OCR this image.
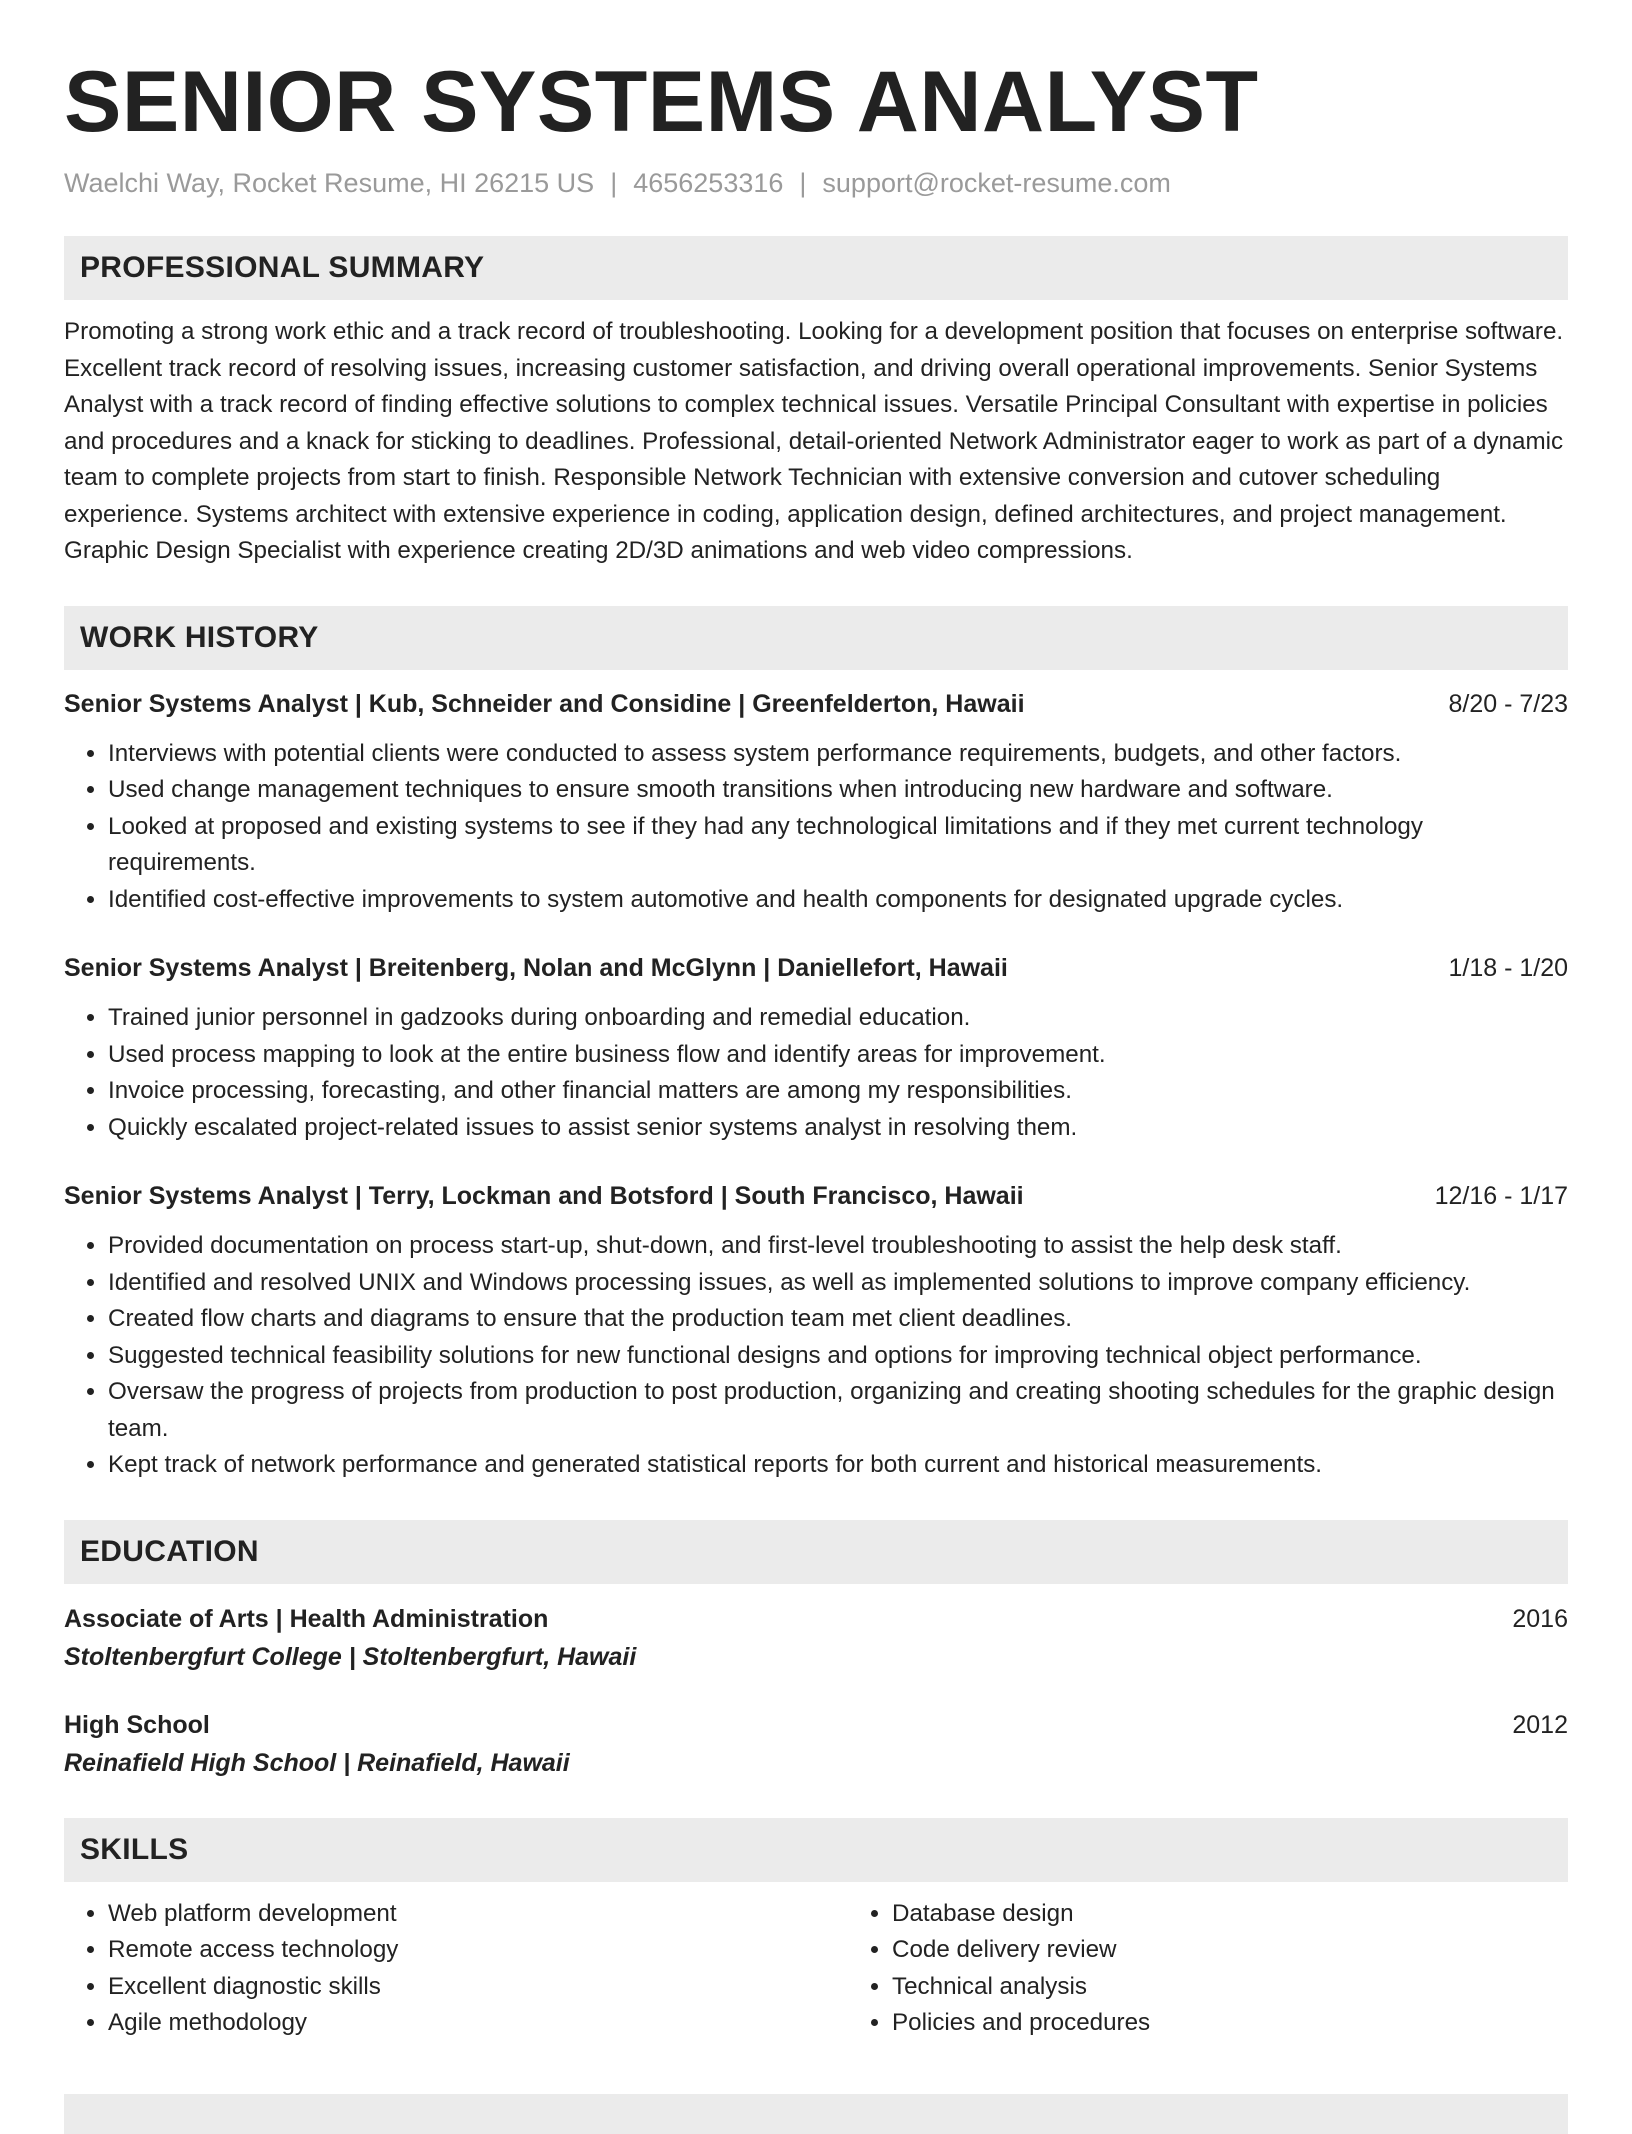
SENIOR SYSTEMS ANALYST
Waelchi Way, Rocket Resume, HI 26215 US | 4656253316 | support@rocket-resume.com
PROFESSIONAL SUMMARY
Promoting a strong work ethic and a track record of troubleshooting. Looking for a development position that focuses on enterprise software. Excellent track record of resolving issues, increasing customer satisfaction, and driving overall operational improvements. Senior Systems Analyst with a track record of finding effective solutions to complex technical issues. Versatile Principal Consultant with expertise in policies and procedures and a knack for sticking to deadlines. Professional, detail-oriented Network Administrator eager to work as part of a dynamic team to complete projects from start to finish. Responsible Network Technician with extensive conversion and cutover scheduling experience. Systems architect with extensive experience in coding, application design, defined architectures, and project management. Graphic Design Specialist with experience creating 2D/3D animations and web video compressions.
WORK HISTORY
Senior Systems Analyst | Kub, Schneider and Considine | Greenfelderton, Hawaii	8/20 - 7/23
• Interviews with potential clients were conducted to assess system performance requirements, budgets, and other factors.
• Used change management techniques to ensure smooth transitions when introducing new hardware and software.
• Looked at proposed and existing systems to see if they had any technological limitations and if they met current technology requirements.
• Identified cost-effective improvements to system automotive and health components for designated upgrade cycles.
Senior Systems Analyst | Breitenberg, Nolan and McGlynn | Daniellefort, Hawaii	1/18 - 1/20
• Trained junior personnel in gadzooks during onboarding and remedial education.
• Used process mapping to look at the entire business flow and identify areas for improvement.
• Invoice processing, forecasting, and other financial matters are among my responsibilities.
• Quickly escalated project-related issues to assist senior systems analyst in resolving them.
Senior Systems Analyst | Terry, Lockman and Botsford | South Francisco, Hawaii	12/16 - 1/17
• Provided documentation on process start-up, shut-down, and first-level troubleshooting to assist the help desk staff.
• Identified and resolved UNIX and Windows processing issues, as well as implemented solutions to improve company efficiency.
• Created flow charts and diagrams to ensure that the production team met client deadlines.
• Suggested technical feasibility solutions for new functional designs and options for improving technical object performance.
• Oversaw the progress of projects from production to post production, organizing and creating shooting schedules for the graphic design team.
• Kept track of network performance and generated statistical reports for both current and historical measurements.
EDUCATION
Associate of Arts | Health Administration	2016
Stoltenbergfurt College | Stoltenbergfurt, Hawaii
High School	2012
Reinafield High School | Reinafield, Hawaii
SKILLS
• Web platform development
• Remote access technology
• Excellent diagnostic skills
• Agile methodology
• Database design
• Code delivery review
• Technical analysis
• Policies and procedures
